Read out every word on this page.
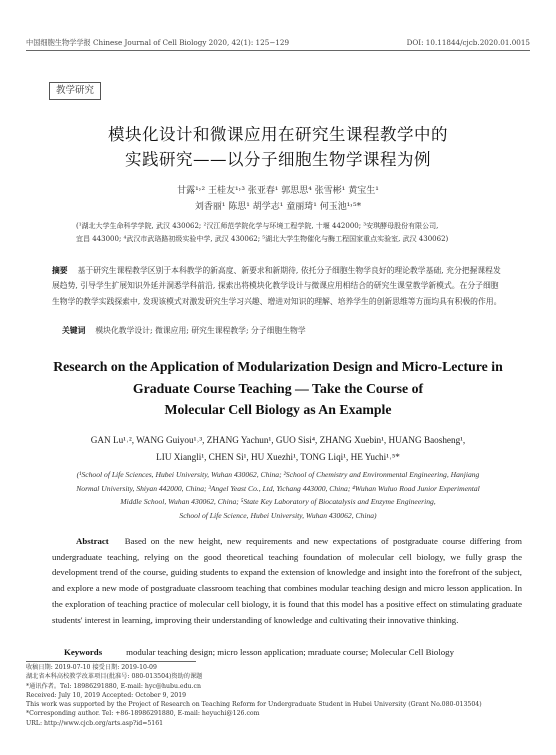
中国细胞生物学学报 Chinese Journal of Cell Biology 2020, 42(1): 125−129	DOI: 10.11844/cjcb.2020.01.0015
教学研究
模块化设计和微课应用在研究生课程教学中的
实践研究——以分子细胞生物学课程为例
甘露¹˒² 王桂友¹˒³ 张亚春¹ 郭思思⁴ 张雪彬¹ 黄宝生¹
刘香丽¹ 陈思¹ 胡学志¹ 童丽琦¹ 何玉池¹˒⁵*
(¹湖北大学生命科学学院, 武汉 430062; ²汉江师范学院化学与环境工程学院, 十堰 442000; ³安琪酵母股份有限公司,
宜昌 443000; ⁴武汉市武珞路初级实验中学, 武汉 430062; ⁵湖北大学生物催化与酶工程国家重点实验室, 武汉 430062)
摘要 基于研究生课程教学区别于本科教学的新高度、新要求和新期待, 依托分子细胞生物学良好的理论教学基础, 充分把握课程发展趋势, 引导学生扩展知识外延并洞悉学科前沿, 探索出将模块化教学设计与微课应用相结合的研究生课堂教学新模式。在分子细胞生物学的教学实践探索中, 发现该模式对激发研究生学习兴趣、增进对知识的理解、培养学生的创新思维等方面均具有积极的作用。
关键词 模块化教学设计; 微课应用; 研究生课程教学; 分子细胞生物学
Research on the Application of Modularization Design and Micro-Lecture in
Graduate Course Teaching — Take the Course of
Molecular Cell Biology as An Example
GAN Lu¹˒², WANG Guiyou¹˒³, ZHANG Yachun¹, GUO Sisi⁴, ZHANG Xuebin¹, HUANG Baosheng¹,
LIU Xiangli¹, CHEN Si¹, HU Xuezhi¹, TONG Liqi¹, HE Yuchi¹˒⁵*
(¹School of Life Sciences, Hubei University, Wuhan 430062, China; ²School of Chemistry and Environmental Engineering, Hanjiang
Normal University, Shiyan 442000, China; ³Angel Yeast Co., Ltd, Yichang 443000, China; ⁴Wuhan Wuluo Road Junior Experimental
Middle School, Wuhan 430062, China; ⁵State Key Laboratory of Biocatalysis and Enzyme Engineering,
School of Life Science, Hubei University, Wuhan 430062, China)
Abstract Based on the new height, new requirements and new expectations of postgraduate course differing from undergraduate teaching, relying on the good theoretical teaching foundation of molecular cell biology, we fully grasp the development trend of the course, guiding students to expand the extension of knowledge and insight into the forefront of the subject, and explore a new mode of postgraduate classroom teaching that combines modular teaching design and micro lesson application. In the exploration of teaching practice of molecular cell biology, it is found that this model has a positive effect on stimulating graduate students' interest in learning, improving their understanding of knowledge and cultivating their innovative thinking.
Keywords	modular teaching design; micro lesson application; mraduate course; Molecular Cell Biology
收稿日期: 2019-07-10 接受日期: 2019-10-09
湖北省本科高校教学改革项目(批准号: 080-013504)资助的课题
*通讯作者。Tel: 18986291880, E-mail: hyc@hubu.edu.cn
Received: July 10, 2019 Accepted: October 9, 2019
This work was supported by the Project of Research on Teaching Reform for Undergraduate Student in Hubei University (Grant No.080-013504)
*Corresponding author. Tel: +86-18986291880, E-mail: heyuchi@126.com
URL: http://www.cjcb.org/arts.asp?id=5161
